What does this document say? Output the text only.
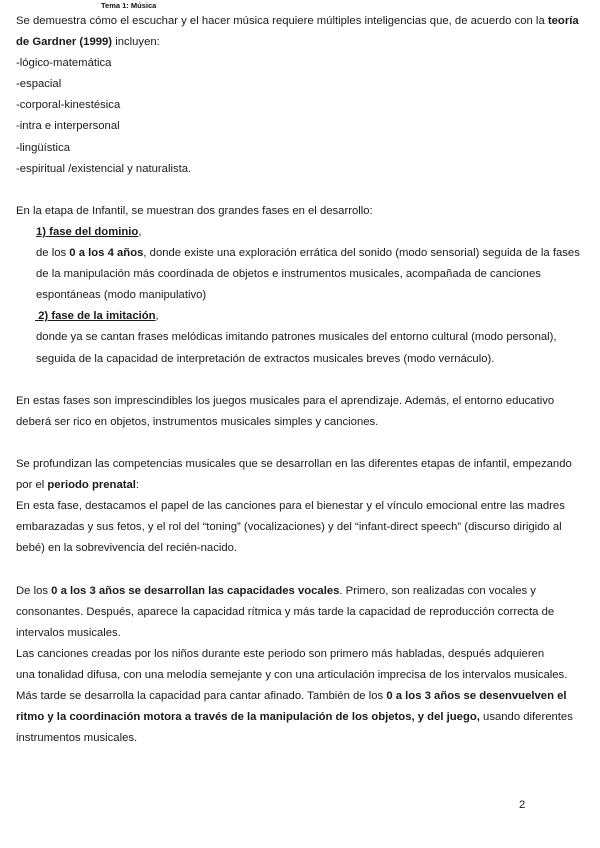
Tema 1: Música

Se demuestra cómo el escuchar y el hacer música requiere múltiples inteligencias que, de acuerdo con la teoría de Gardner (1999) incluyen:

-lógico-matemática

-espacial

-corporal-kinestésica

-intra e interpersonal

-lingüística

-espiritual /existencial y naturalista.

En la etapa de Infantil, se muestran dos grandes fases en el desarrollo:

1) fase del dominio,

de los 0 a los 4 años, donde existe una exploración errática del sonido (modo sensorial) seguida de la fases

de la manipulación más coordinada de objetos e instrumentos musicales, acompañada de canciones

espontáneas (modo manipulativo)

2) fase de la imitación,

donde ya se cantan frases melódicas imitando patrones musicales del entorno cultural (modo personal),

seguida de la capacidad de interpretación de extractos musicales breves (modo vernáculo).

En estas fases son imprescindibles los juegos musicales para el aprendizaje. Además, el entorno educativo

deberá ser rico en objetos, instrumentos musicales simples y canciones.

Se profundizan las competencias musicales que se desarrollan en las diferentes etapas de infantil, empezando

por el periodo prenatal:

En esta fase, destacamos el papel de las canciones para el bienestar y el vínculo emocional entre las madres

embarazadas y sus fetos, y el rol del “toning” (vocalizaciones) y del “infant-direct speech” (discurso dirigido al

bebé) en la sobrevivencia del recién-nacido.

De los 0 a los 3 años se desarrollan las capacidades vocales. Primero, son realizadas con vocales y

consonantes. Después, aparece la capacidad rítmica y más tarde la capacidad de reproducción correcta de

intervalos musicales.

Las canciones creadas por los niños durante este periodo son primero más habladas, después adquieren

una tonalidad difusa, con una melodía semejante y con una articulación imprecisa de los intervalos musicales.

Más tarde se desarrolla la capacidad para cantar afinado. También de los 0 a los 3 años se desenvuelven el

ritmo y la coordinación motora a través de la manipulación de los objetos, y del juego, usando diferentes

instrumentos musicales.

2
